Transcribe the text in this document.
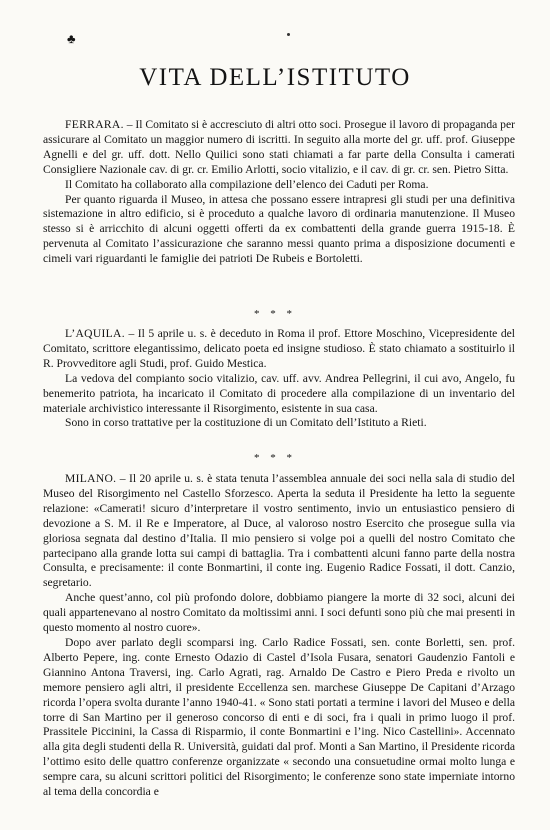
♣
VITA DELL’ISTITUTO

FERRARA. – Il Comitato si è accresciuto di altri otto soci. Prosegue il lavoro di propaganda per assicurare al Comitato un maggior numero di iscritti. In seguito alla morte del gr. uff. prof. Giuseppe Agnelli e del gr. uff. dott. Nello Quilici sono stati chiamati a far parte della Consulta i camerati Consigliere Nazionale cav. di gr. cr. Emilio Arlotti, socio vitalizio, e il cav. di gr. cr. sen. Pietro Sitta.

Il Comitato ha collaborato alla compilazione dell’elenco dei Caduti per Roma.

Per quanto riguarda il Museo, in attesa che possano essere intrapresi gli studi per una definitiva sistemazione in altro edificio, si è proceduto a qualche lavoro di ordinaria manutenzione. Il Museo stesso si è arricchito di alcuni oggetti offerti da ex combattenti della grande guerra 1915-18. È pervenuta al Comitato l’assicurazione che saranno messi quanto prima a disposizione documenti e cimeli vari riguardanti le famiglie dei patrioti De Rubeis e Bortoletti.

* * *

L’AQUILA. – Il 5 aprile u. s. è deceduto in Roma il prof. Ettore Moschino, Vicepresidente del Comitato, scrittore elegantissimo, delicato poeta ed insigne studioso. È stato chiamato a sostituirlo il R. Provveditore agli Studi, prof. Guido Mestica.

La vedova del compianto socio vitalizio, cav. uff. avv. Andrea Pellegrini, il cui avo, Angelo, fu benemerito patriota, ha incaricato il Comitato di procedere alla compilazione di un inventario del materiale archivistico interessante il Risorgimento, esistente in sua casa.

Sono in corso trattative per la costituzione di un Comitato dell’Istituto a Rieti.

* * *

MILANO. – Il 20 aprile u. s. è stata tenuta l’assemblea annuale dei soci nella sala di studio del Museo del Risorgimento nel Castello Sforzesco. Aperta la seduta il Presidente ha letto la seguente relazione: «Camerati! sicuro d’interpretare il vostro sentimento, invio un entusiastico pensiero di devozione a S. M. il Re e Imperatore, al Duce, al valoroso nostro Esercito che prosegue sulla via gloriosa segnata dal destino d’Italia. Il mio pensiero si volge poi a quelli del nostro Comitato che partecipano alla grande lotta sui campi di battaglia. Tra i combattenti alcuni fanno parte della nostra Consulta, e precisamente: il conte Bonmartini, il conte ing. Eugenio Radice Fossati, il dott. Canzio, segretario.

Anche quest’anno, col più profondo dolore, dobbiamo piangere la morte di 32 soci, alcuni dei quali appartenevano al nostro Comitato da moltissimi anni. I soci defunti sono più che mai presenti in questo momento al nostro cuore».

Dopo aver parlato degli scomparsi ing. Carlo Radice Fossati, sen. conte Borletti, sen. prof. Alberto Pepere, ing. conte Ernesto Odazio di Castel d’Isola Fusara, senatori Gaudenzio Fantoli e Giannino Antona Traversi, ing. Carlo Agrati, rag. Arnaldo De Castro e Piero Preda e rivolto un memore pensiero agli altri, il presidente Eccellenza sen. marchese Giuseppe De Capitani d’Arzago ricorda l’opera svolta durante l’anno 1940-41. « Sono stati portati a termine i lavori del Museo e della torre di San Martino per il generoso concorso di enti e di soci, fra i quali in primo luogo il prof. Prassitele Piccinini, la Cassa di Risparmio, il conte Bonmartini e l’ing. Nico Castellini». Accennato alla gita degli studenti della R. Università, guidati dal prof. Monti a San Martino, il Presidente ricorda l’ottimo esito delle quattro conferenze organizzate « secondo una consuetudine ormai molto lunga e sempre cara, su alcuni scrittori politici del Risorgimento; le conferenze sono state imperniate intorno al tema della concordia e
